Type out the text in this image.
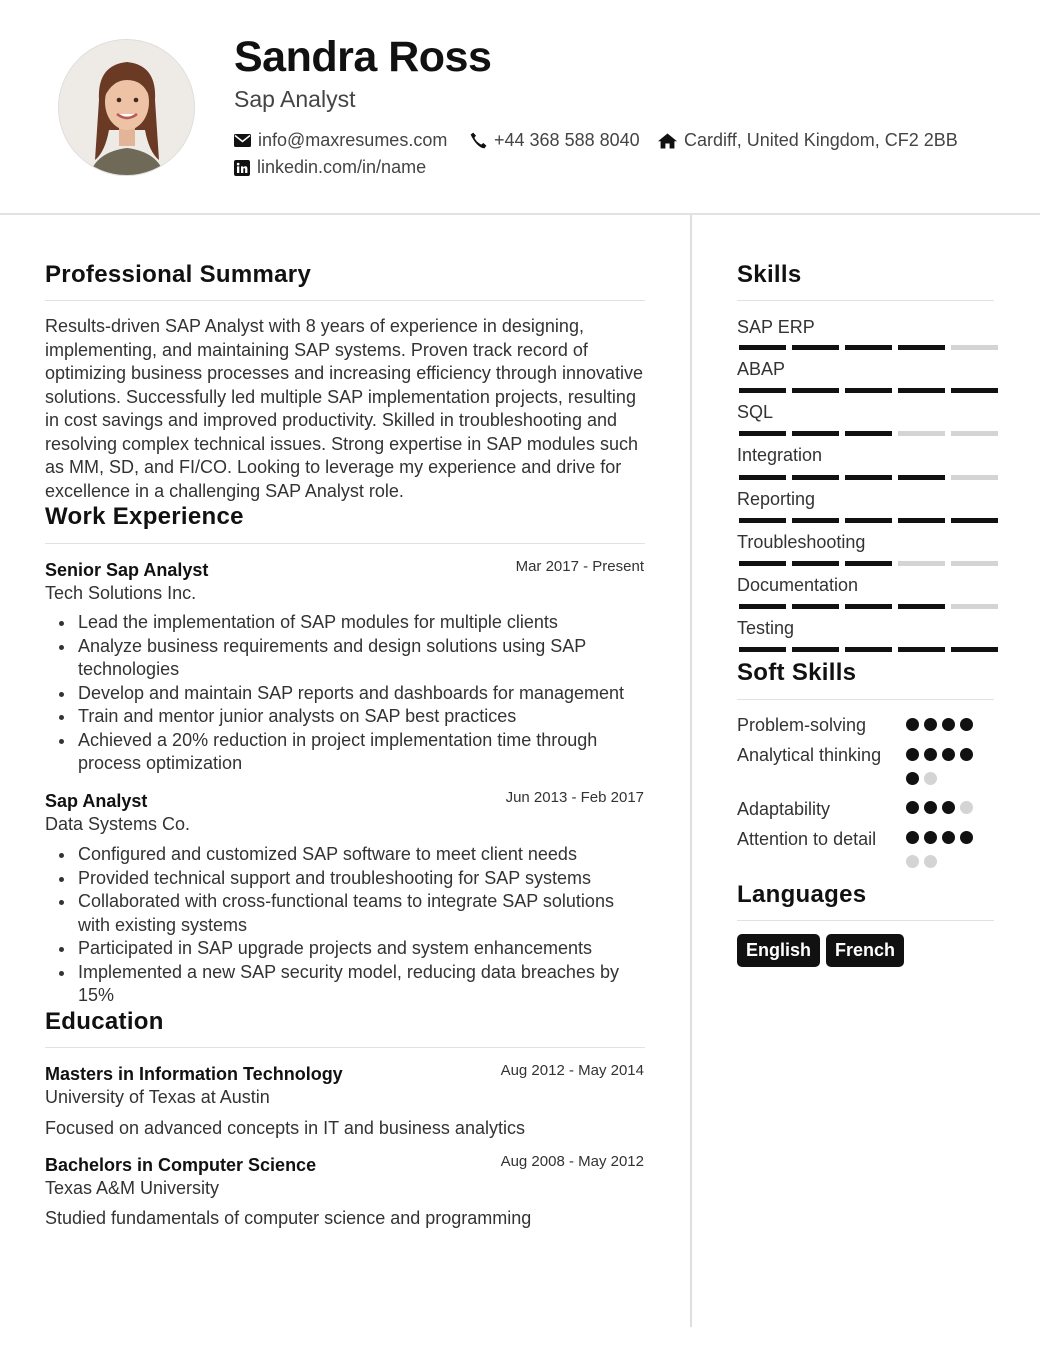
Sandra Ross
Sap Analyst
info@maxresumes.com	+44 368 588 8040 Cardiff, United Kingdom, CF2 2BB
linkedin.com/in/name
Professional Summary
Results-driven SAP Analyst with 8 years of experience in designing, implementing, and maintaining SAP systems. Proven track record of optimizing business processes and increasing efficiency through innovative solutions. Successfully led multiple SAP implementation projects, resulting in cost savings and improved productivity. Skilled in troubleshooting and resolving complex technical issues. Strong expertise in SAP modules such as MM, SD, and FI/CO. Looking to leverage my experience and drive for excellence in a challenging SAP Analyst role.
Work Experience
Senior Sap Analyst	Mar 2017 - Present
Tech Solutions Inc.
Lead the implementation of SAP modules for multiple clients
Analyze business requirements and design solutions using SAP technologies
Develop and maintain SAP reports and dashboards for management
Train and mentor junior analysts on SAP best practices
Achieved a 20% reduction in project implementation time through process optimization
Sap Analyst	Jun 2013 - Feb 2017
Data Systems Co.
Configured and customized SAP software to meet client needs
Provided technical support and troubleshooting for SAP systems
Collaborated with cross-functional teams to integrate SAP solutions with existing systems
Participated in SAP upgrade projects and system enhancements
Implemented a new SAP security model, reducing data breaches by 15%
Education
Masters in Information Technology	Aug 2012 - May 2014
University of Texas at Austin
Focused on advanced concepts in IT and business analytics
Bachelors in Computer Science	Aug 2008 - May 2012
Texas A&M University
Studied fundamentals of computer science and programming
Skills
SAP ERP
ABAP
SQL
Integration
Reporting
Troubleshooting
Documentation
Testing
Soft Skills
Problem-solving
Analytical thinking
Adaptability
Attention to detail
Languages
English	French
